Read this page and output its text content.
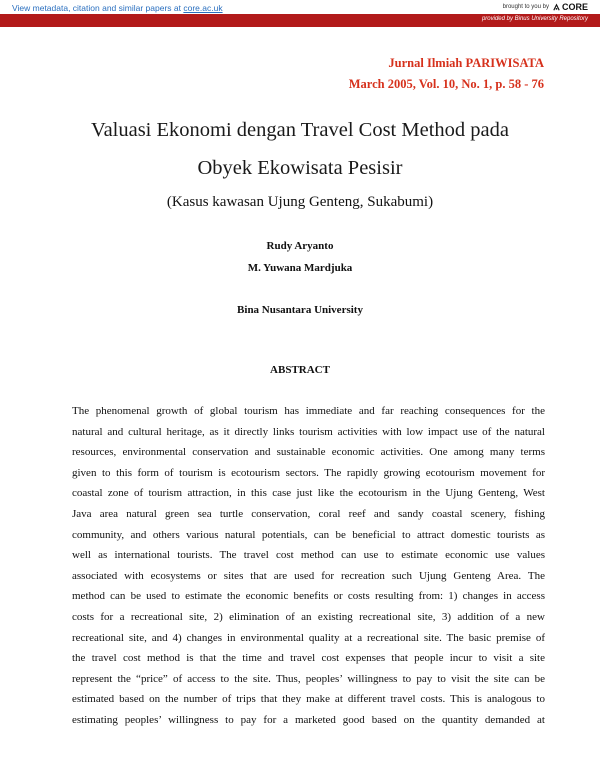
View metadata, citation and similar papers at core.ac.uk	brought to you by CORE
provided by Binus University Repository
Jurnal Ilmiah PARIWISATA
March 2005, Vol. 10, No. 1, p. 58 - 76
Valuasi Ekonomi dengan Travel Cost Method pada
Obyek Ekowisata Pesisir
(Kasus kawasan Ujung Genteng, Sukabumi)
Rudy Aryanto
M. Yuwana Mardjuka
Bina Nusantara University
ABSTRACT
The phenomenal growth of global tourism has immediate and far reaching consequences for the
natural and cultural heritage, as it directly links tourism activities with low impact use of the natural
resources, environmental conservation and sustainable economic activities. One among many terms
given to this form of tourism is ecotourism sectors. The rapidly growing ecotourism movement for
coastal zone of tourism attraction, in this case just like the ecotourism in the Ujung Genteng, West
Java area natural green sea turtle conservation, coral reef and sandy coastal scenery, fishing
community, and others various natural potentials, can be beneficial to attract domestic tourists as
well as international tourists. The travel cost method can use to estimate economic use values
associated with ecosystems or sites that are used for recreation such Ujung Genteng Area. The
method can be used to estimate the economic benefits or costs resulting from: 1) changes in access
costs for a recreational site, 2) elimination of an existing recreational site, 3) addition of a new
recreational site, and 4) changes in environmental quality at a recreational site. The basic premise of
the travel cost method is that the time and travel cost expenses that people incur to visit a site
represent the “price” of access to the site. Thus, peoples’ willingness to pay to visit the site can be
estimated based on the number of trips that they make at different travel costs. This is analogous to
estimating peoples’ willingness to pay for a marketed good based on the quantity demanded at
